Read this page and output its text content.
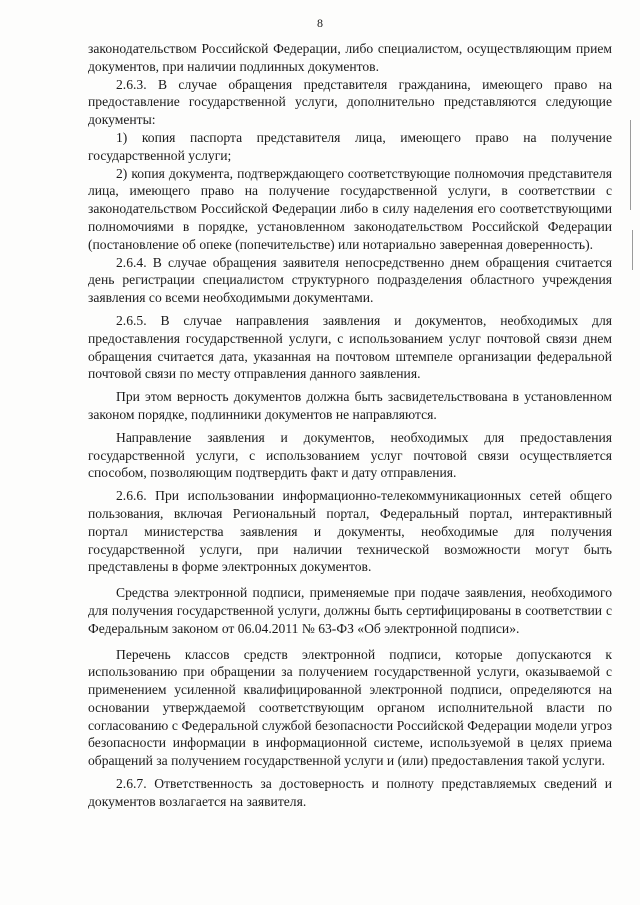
8

законодательством Российской Федерации, либо специалистом, осуществляющим прием документов, при наличии подлинных документов.

2.6.3. В случае обращения представителя гражданина, имеющего право на предоставление государственной услуги, дополнительно представляются следующие документы:

1) копия паспорта представителя лица, имеющего право на получение государственной услуги;

2) копия документа, подтверждающего соответствующие полномочия представителя лица, имеющего право на получение государственной услуги, в соответствии с законодательством Российской Федерации либо в силу наделения его соответствующими полномочиями в порядке, установленном законодательством Российской Федерации (постановление об опеке (попечительстве) или нотариально заверенная доверенность).

2.6.4. В случае обращения заявителя непосредственно днем обращения считается день регистрации специалистом структурного подразделения областного учреждения заявления со всеми необходимыми документами.

2.6.5. В случае направления заявления и документов, необходимых для предоставления государственной услуги, с использованием услуг почтовой связи днем обращения считается дата, указанная на почтовом штемпеле организации федеральной почтовой связи по месту отправления данного заявления.

При этом верность документов должна быть засвидетельствована в установленном законом порядке, подлинники документов не направляются.

Направление заявления и документов, необходимых для предоставления государственной услуги, с использованием услуг почтовой связи осуществляется способом, позволяющим подтвердить факт и дату отправления.

2.6.6. При использовании информационно-телекоммуникационных сетей общего пользования, включая Региональный портал, Федеральный портал, интерактивный портал министерства заявления и документы, необходимые для получения государственной услуги, при наличии технической возможности могут быть представлены в форме электронных документов.

Средства электронной подписи, применяемые при подаче заявления, необходимого для получения государственной услуги, должны быть сертифицированы в соответствии с Федеральным законом от 06.04.2011 № 63-ФЗ «Об электронной подписи».

Перечень классов средств электронной подписи, которые допускаются к использованию при обращении за получением государственной услуги, оказываемой с применением усиленной квалифицированной электронной подписи, определяются на основании утверждаемой соответствующим органом исполнительной власти по согласованию с Федеральной службой безопасности Российской Федерации модели угроз безопасности информации в информационной системе, используемой в целях приема обращений за получением государственной услуги и (или) предоставления такой услуги.

2.6.7. Ответственность за достоверность и полноту представляемых сведений и документов возлагается на заявителя.
